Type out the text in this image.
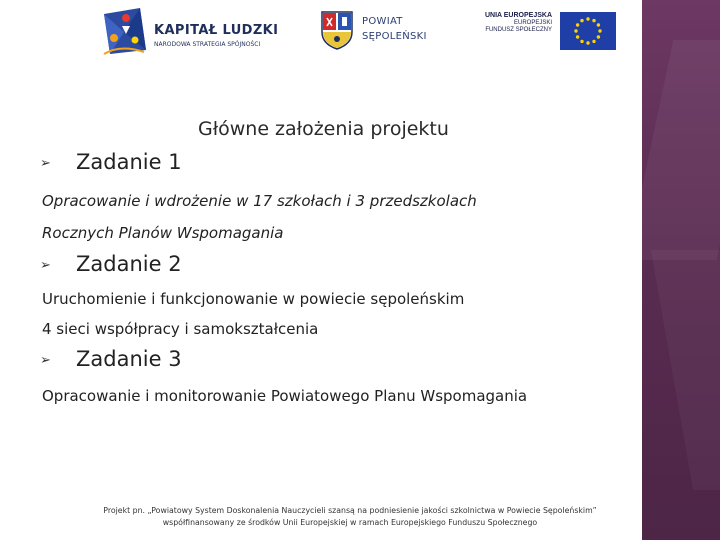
KAPITAŁ LUDZKI
NARODOWA STRATEGIA SPÓJNOŚCI
POWIAT
SĘPOLEŃSKI
UNIA EUROPEJSKA
EUROPEJSKI
FUNDUSZ SPOŁECZNY
Główne założenia projektu
➢ Zadanie 1
Opracowanie i wdrożenie w 17 szkołach i 3 przedszkolach
Rocznych Planów Wspomagania
➢ Zadanie 2
Uruchomienie i funkcjonowanie w powiecie sępoleńskim
4 sieci współpracy i samokształcenia
➢ Zadanie 3
Opracowanie i monitorowanie Powiatowego Planu Wspomagania
Projekt pn. „Powiatowy System Doskonalenia Nauczycieli szansą na podniesienie jakości szkolnictwa w Powiecie Sępoleńskim”
współfinansowany ze środków Unii Europejskiej w ramach Europejskiego Funduszu Społecznego
